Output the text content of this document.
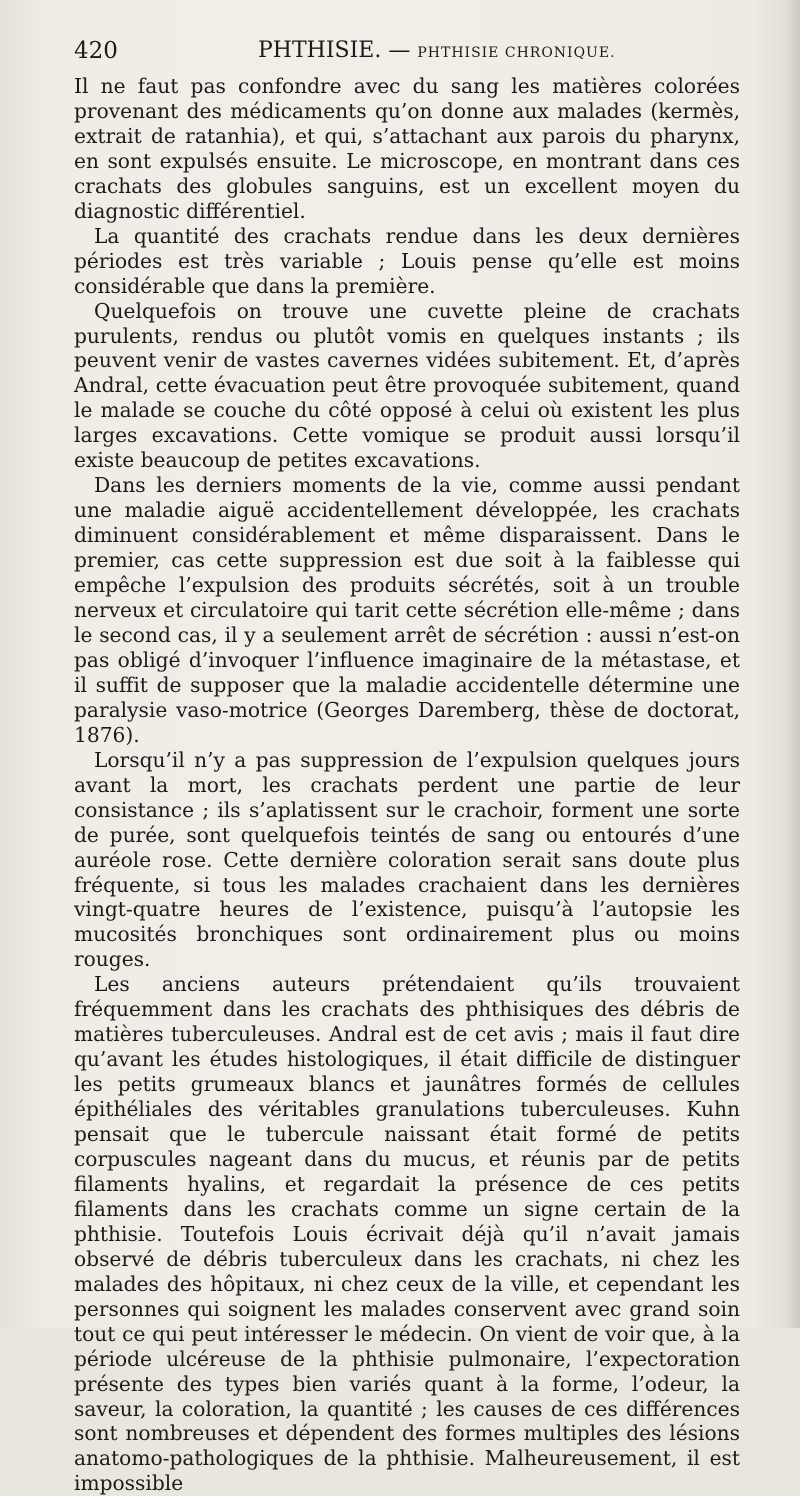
420	PHTHISIE. — PHTHISIE CHRONIQUE.

Il ne faut pas confondre avec du sang les matières colorées provenant des médicaments qu’on donne aux malades (kermès, extrait de ratanhia), et qui, s’attachant aux parois du pharynx, en sont expulsés ensuite. Le microscope, en montrant dans ces crachats des globules sanguins, est un excellent moyen du diagnostic différentiel.

La quantité des crachats rendue dans les deux dernières périodes est très variable ; Louis pense qu’elle est moins considérable que dans la première.

Quelquefois on trouve une cuvette pleine de crachats purulents, rendus ou plutôt vomis en quelques instants ; ils peuvent venir de vastes cavernes vidées subitement. Et, d’après Andral, cette évacuation peut être provoquée subitement, quand le malade se couche du côté opposé à celui où existent les plus larges excavations. Cette vomique se produit aussi lorsqu’il existe beaucoup de petites excavations.

Dans les derniers moments de la vie, comme aussi pendant une maladie aiguë accidentellement développée, les crachats diminuent considérablement et même disparaissent. Dans le premier, cas cette suppression est due soit à la faiblesse qui empêche l’expulsion des produits sécrétés, soit à un trouble nerveux et circulatoire qui tarit cette sécrétion elle-même ; dans le second cas, il y a seulement arrêt de sécrétion : aussi n’est-on pas obligé d’invoquer l’influence imaginaire de la métastase, et il suffit de supposer que la maladie accidentelle détermine une paralysie vaso-motrice (Georges Daremberg, thèse de doctorat, 1876).

Lorsqu’il n’y a pas suppression de l’expulsion quelques jours avant la mort, les crachats perdent une partie de leur consistance ; ils s’aplatissent sur le crachoir, forment une sorte de purée, sont quelquefois teintés de sang ou entourés d’une auréole rose. Cette dernière coloration serait sans doute plus fréquente, si tous les malades crachaient dans les dernières vingt-quatre heures de l’existence, puisqu’à l’autopsie les mucosités bronchiques sont ordinairement plus ou moins rouges.

Les anciens auteurs prétendaient qu’ils trouvaient fréquemment dans les crachats des phthisiques des débris de matières tuberculeuses. Andral est de cet avis ; mais il faut dire qu’avant les études histologiques, il était difficile de distinguer les petits grumeaux blancs et jaunâtres formés de cellules épithéliales des véritables granulations tuberculeuses. Kuhn pensait que le tubercule naissant était formé de petits corpuscules nageant dans du mucus, et réunis par de petits filaments hyalins, et regardait la présence de ces petits filaments dans les crachats comme un signe certain de la phthisie. Toutefois Louis écrivait déjà qu’il n’avait jamais observé de débris tuberculeux dans les crachats, ni chez les malades des hôpitaux, ni chez ceux de la ville, et cependant les personnes qui soignent les malades conservent avec grand soin tout ce qui peut intéresser le médecin. On vient de voir que, à la période ulcéreuse de la phthisie pulmonaire, l’expectoration présente des types bien variés quant à la forme, l’odeur, la saveur, la coloration, la quantité ; les causes de ces différences sont nombreuses et dépendent des formes multiples des lésions anatomo-pathologiques de la phthisie. Malheureusement, il est impossible
